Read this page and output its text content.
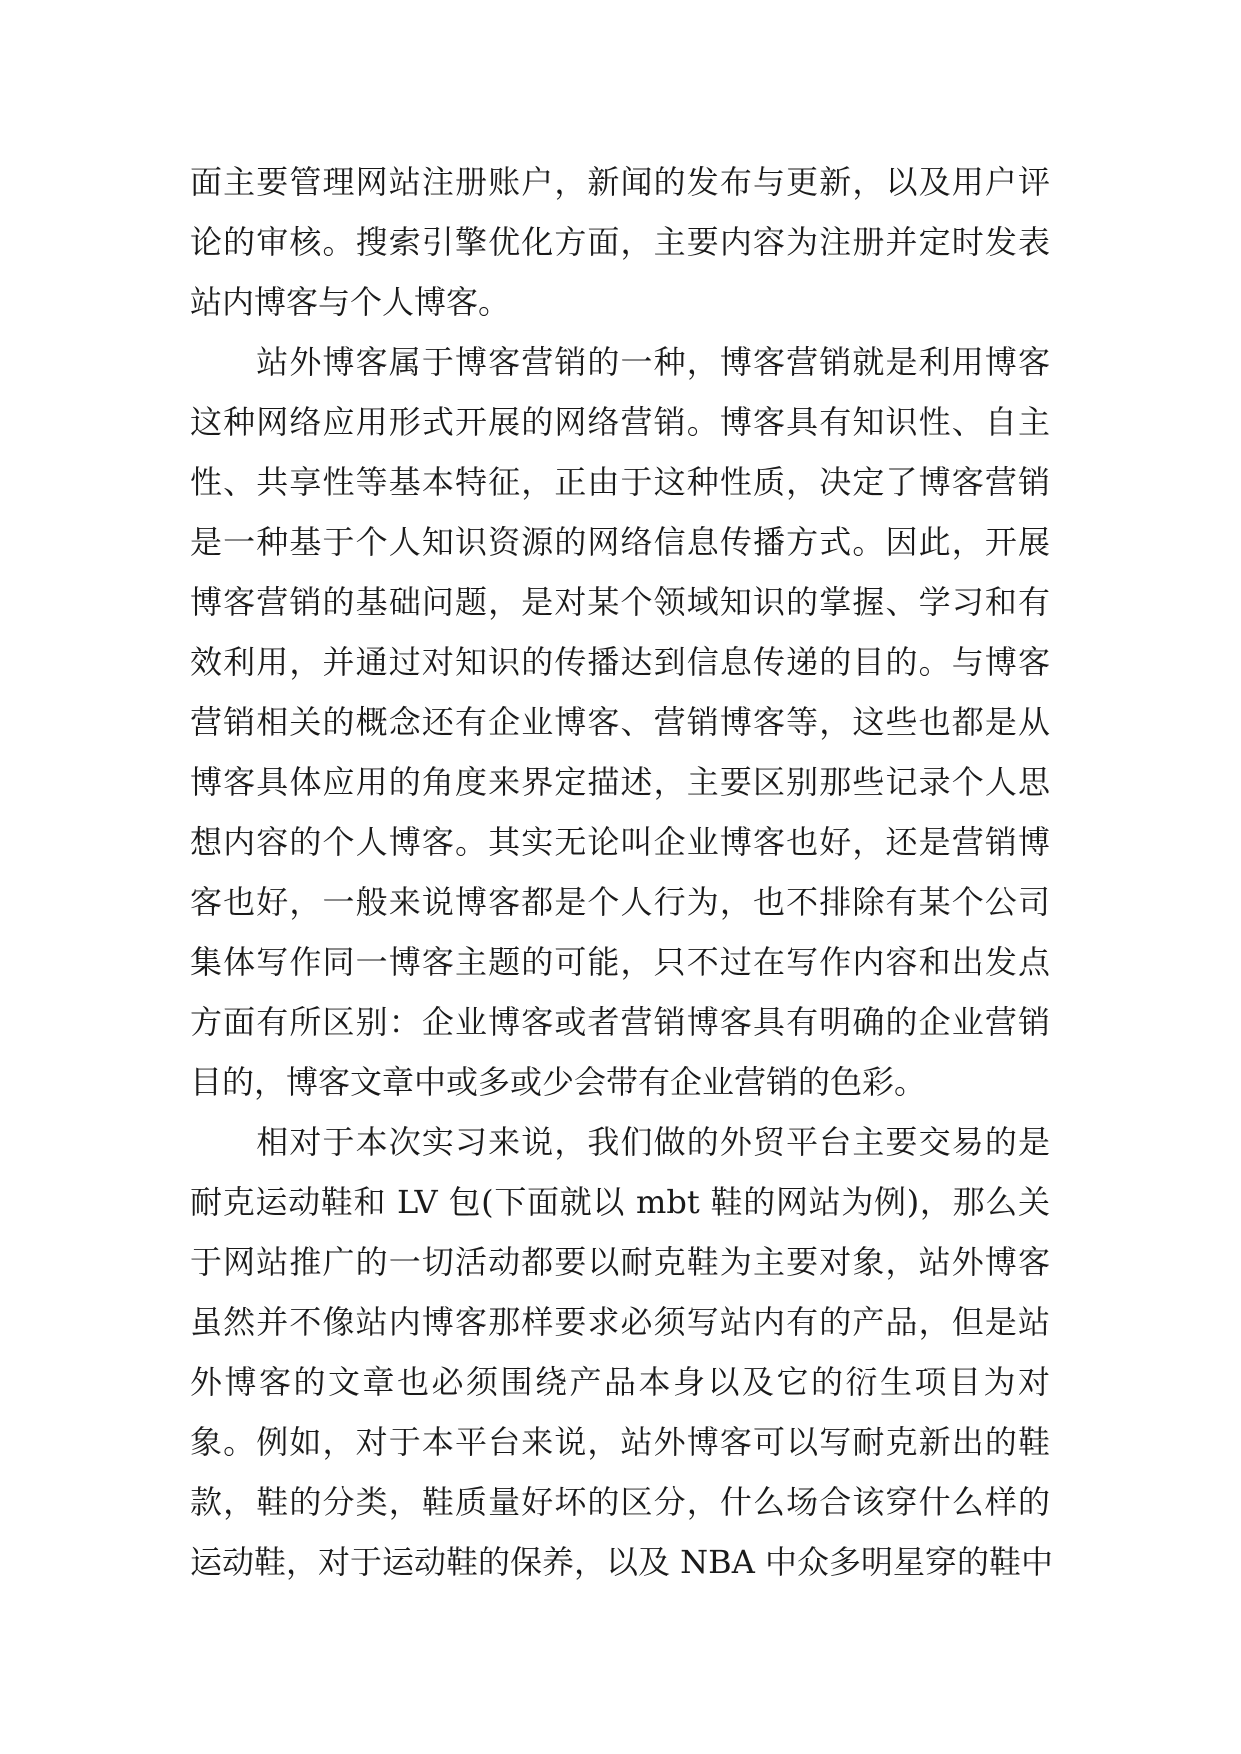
面主要管理网站注册账户，新闻的发布与更新，以及用户评
论的审核。搜索引擎优化方面，主要内容为注册并定时发表
站内博客与个人博客。
　　站外博客属于博客营销的一种，博客营销就是利用博客
这种网络应用形式开展的网络营销。博客具有知识性、自主
性、共享性等基本特征，正由于这种性质，决定了博客营销
是一种基于个人知识资源的网络信息传播方式。因此，开展
博客营销的基础问题，是对某个领域知识的掌握、学习和有
效利用，并通过对知识的传播达到信息传递的目的。与博客
营销相关的概念还有企业博客、营销博客等，这些也都是从
博客具体应用的角度来界定描述，主要区别那些记录个人思
想内容的个人博客。其实无论叫企业博客也好，还是营销博
客也好，一般来说博客都是个人行为，也不排除有某个公司
集体写作同一博客主题的可能，只不过在写作内容和出发点
方面有所区别：企业博客或者营销博客具有明确的企业营销
目的，博客文章中或多或少会带有企业营销的色彩。
　　相对于本次实习来说，我们做的外贸平台主要交易的是
耐克运动鞋和 LV 包(下面就以 mbt 鞋的网站为例)，那么关
于网站推广的一切活动都要以耐克鞋为主要对象，站外博客
虽然并不像站内博客那样要求必须写站内有的产品，但是站
外博客的文章也必须围绕产品本身以及它的衍生项目为对
象。例如，对于本平台来说，站外博客可以写耐克新出的鞋
款，鞋的分类，鞋质量好坏的区分，什么场合该穿什么样的
运动鞋，对于运动鞋的保养，以及 NBA 中众多明星穿的鞋中
